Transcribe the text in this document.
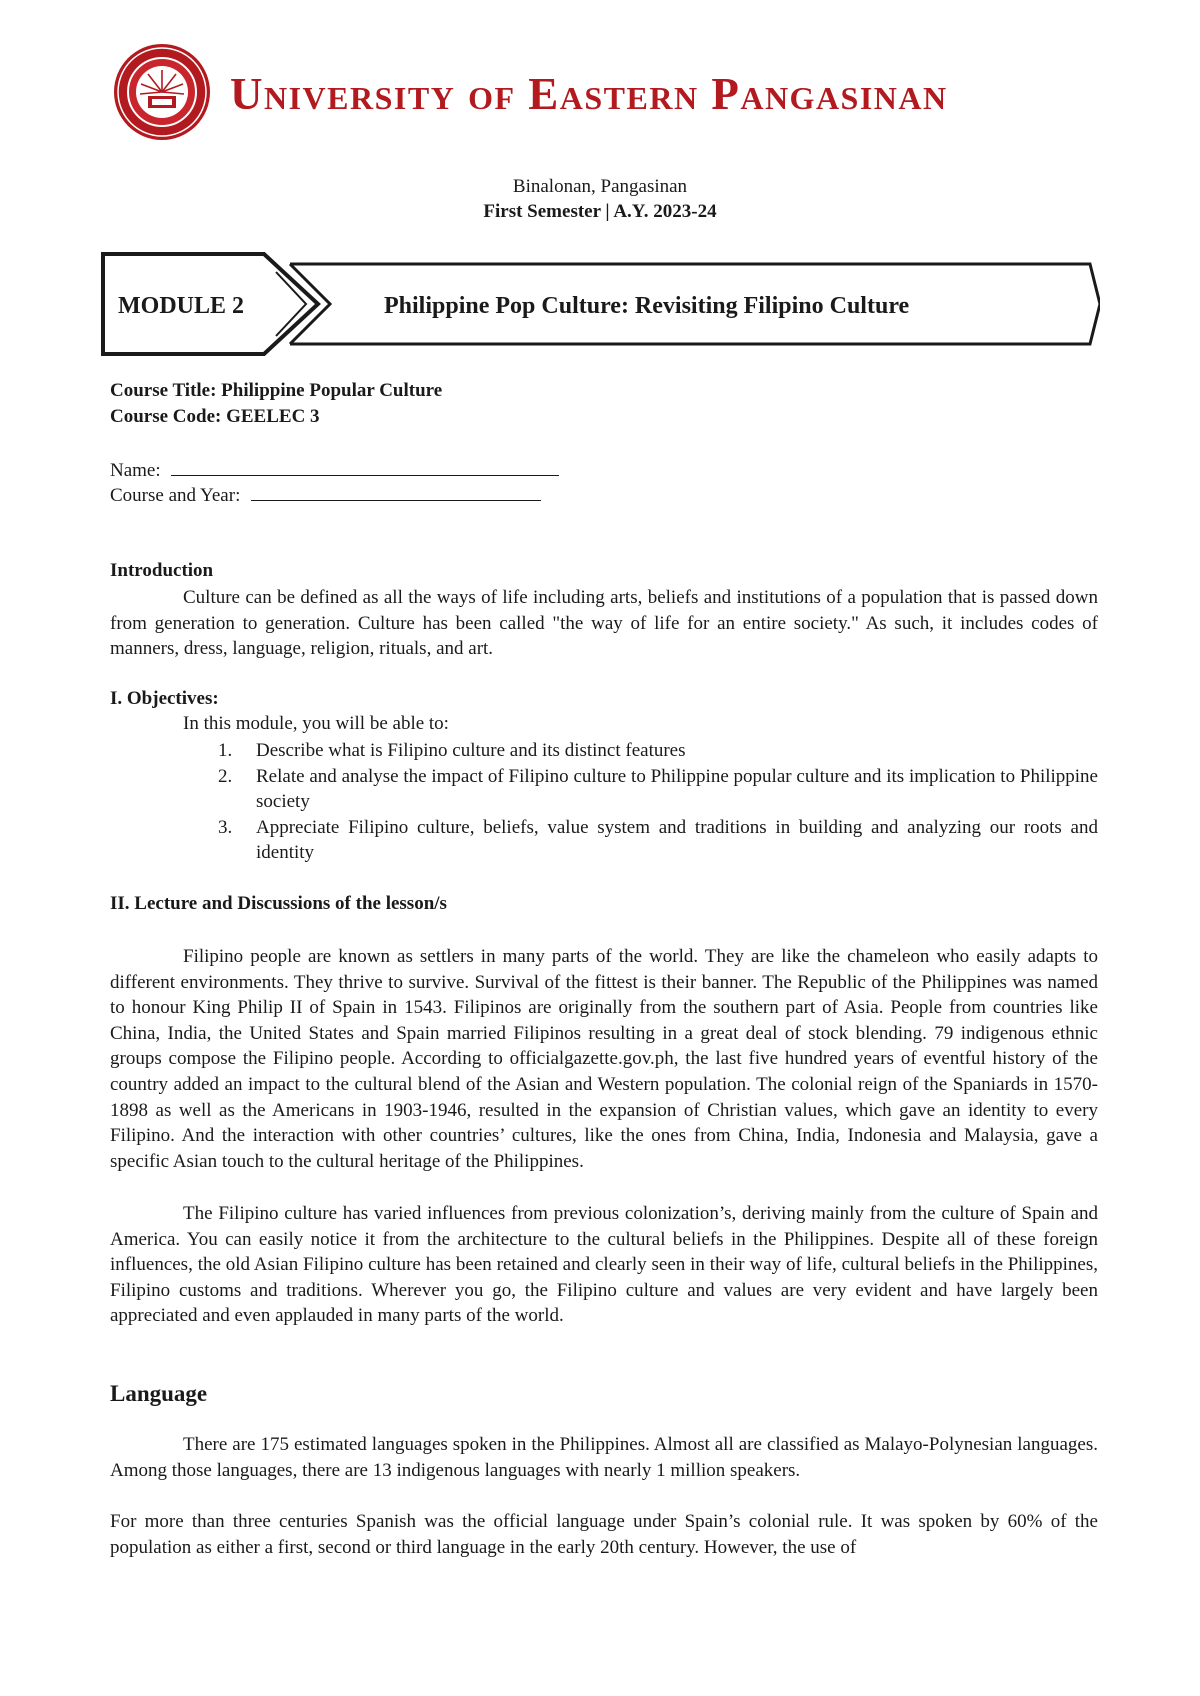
University of Eastern Pangasinan
Binalonan, Pangasinan
First Semester | A.Y. 2023-24
MODULE 2	Philippine Pop Culture: Revisiting Filipino Culture
Course Title: Philippine Popular Culture
Course Code: GEELEC 3
Name:
Course and Year:
Introduction

Culture can be defined as all the ways of life including arts, beliefs and institutions of a population that is passed down from generation to generation. Culture has been called "the way of life for an entire society." As such, it includes codes of manners, dress, language, religion, rituals, and art.

I. Objectives:
In this module, you will be able to:
1. Describe what is Filipino culture and its distinct features
2. Relate and analyse the impact of Filipino culture to Philippine popular culture and its implication to Philippine society
3. Appreciate Filipino culture, beliefs, value system and traditions in building and analyzing our roots and identity
II. Lecture and Discussions of the lesson/s

Filipino people are known as settlers in many parts of the world. They are like the chameleon who easily adapts to different environments. They thrive to survive. Survival of the fittest is their banner. The Republic of the Philippines was named to honour King Philip II of Spain in 1543. Filipinos are originally from the southern part of Asia. People from countries like China, India, the United States and Spain married Filipinos resulting in a great deal of stock blending. 79 indigenous ethnic groups compose the Filipino people. According to officialgazette.gov.ph, the last five hundred years of eventful history of the country added an impact to the cultural blend of the Asian and Western population. The colonial reign of the Spaniards in 1570-1898 as well as the Americans in 1903-1946, resulted in the expansion of Christian values, which gave an identity to every Filipino. And the interaction with other countries’ cultures, like the ones from China, India, Indonesia and Malaysia, gave a specific Asian touch to the cultural heritage of the Philippines.

The Filipino culture has varied influences from previous colonization’s, deriving mainly from the culture of Spain and America. You can easily notice it from the architecture to the cultural beliefs in the Philippines. Despite all of these foreign influences, the old Asian Filipino culture has been retained and clearly seen in their way of life, cultural beliefs in the Philippines, Filipino customs and traditions. Wherever you go, the Filipino culture and values are very evident and have largely been appreciated and even applauded in many parts of the world.

Language

There are 175 estimated languages spoken in the Philippines. Almost all are classified as Malayo-Polynesian languages. Among those languages, there are 13 indigenous languages with nearly 1 million speakers.

For more than three centuries Spanish was the official language under Spain’s colonial rule. It was spoken by 60% of the population as either a first, second or third language in the early 20th century. However, the use of
